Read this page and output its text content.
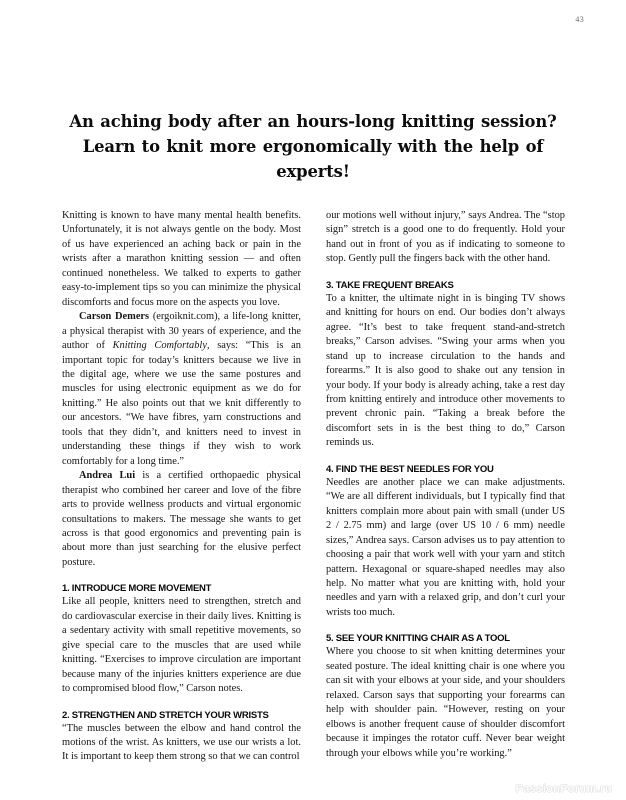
43
An aching body after an hours-long knitting session? Learn to knit more ergonomically with the help of experts!

Knitting is known to have many mental health benefits. Unfortunately, it is not always gentle on the body. Most of us have experienced an aching back or pain in the wrists after a marathon knitting session — and often continued nonetheless. We talked to experts to gather easy-to-implement tips so you can minimize the physical discomforts and focus more on the aspects you love.

Carson Demers (ergoiknit.com), a life-long knitter, a physical therapist with 30 years of experience, and the author of Knitting Comfortably, says: “This is an important topic for today’s knitters because we live in the digital age, where we use the same postures and muscles for using electronic equipment as we do for knitting.” He also points out that we knit differently to our ancestors. “We have fibres, yarn constructions and tools that they didn’t, and knitters need to invest in understanding these things if they wish to work comfortably for a long time.”

Andrea Lui is a certified orthopaedic physical therapist who combined her career and love of the fibre arts to provide wellness products and virtual ergonomic consultations to makers. The message she wants to get across is that good ergonomics and preventing pain is about more than just searching for the elusive perfect posture.

1. INTRODUCE MORE MOVEMENT

Like all people, knitters need to strengthen, stretch and do cardiovascular exercise in their daily lives. Knitting is a sedentary activity with small repetitive movements, so give special care to the muscles that are used while knitting. “Exercises to improve circulation are important because many of the injuries knitters experience are due to compromised blood flow,” Carson notes.

2. STRENGTHEN AND STRETCH YOUR WRISTS

“The muscles between the elbow and hand control the motions of the wrist. As knitters, we use our wrists a lot. It is important to keep them strong so that we can control

our motions well without injury,” says Andrea. The “stop sign” stretch is a good one to do frequently. Hold your hand out in front of you as if indicating to someone to stop. Gently pull the fingers back with the other hand.

3. TAKE FREQUENT BREAKS

To a knitter, the ultimate night in is binging TV shows and knitting for hours on end. Our bodies don’t always agree. “It’s best to take frequent stand-and-stretch breaks,” Carson advises. “Swing your arms when you stand up to increase circulation to the hands and forearms.” It is also good to shake out any tension in your body. If your body is already aching, take a rest day from knitting entirely and introduce other movements to prevent chronic pain. “Taking a break before the discomfort sets in is the best thing to do,” Carson reminds us.

4. FIND THE BEST NEEDLES FOR YOU

Needles are another place we can make adjustments. “We are all different individuals, but I typically find that knitters complain more about pain with small (under US 2 / 2.75 mm) and large (over US 10 / 6 mm) needle sizes,” Andrea says. Carson advises us to pay attention to choosing a pair that work well with your yarn and stitch pattern. Hexagonal or square-shaped needles may also help. No matter what you are knitting with, hold your needles and yarn with a relaxed grip, and don’t curl your wrists too much.

5. SEE YOUR KNITTING CHAIR AS A TOOL

Where you choose to sit when knitting determines your seated posture. The ideal knitting chair is one where you can sit with your elbows at your side, and your shoulders relaxed. Carson says that supporting your forearms can help with shoulder pain. “However, resting on your elbows is another frequent cause of shoulder discomfort because it impinges the rotator cuff. Never bear weight through your elbows while you’re working.”

PassionForum.ru
